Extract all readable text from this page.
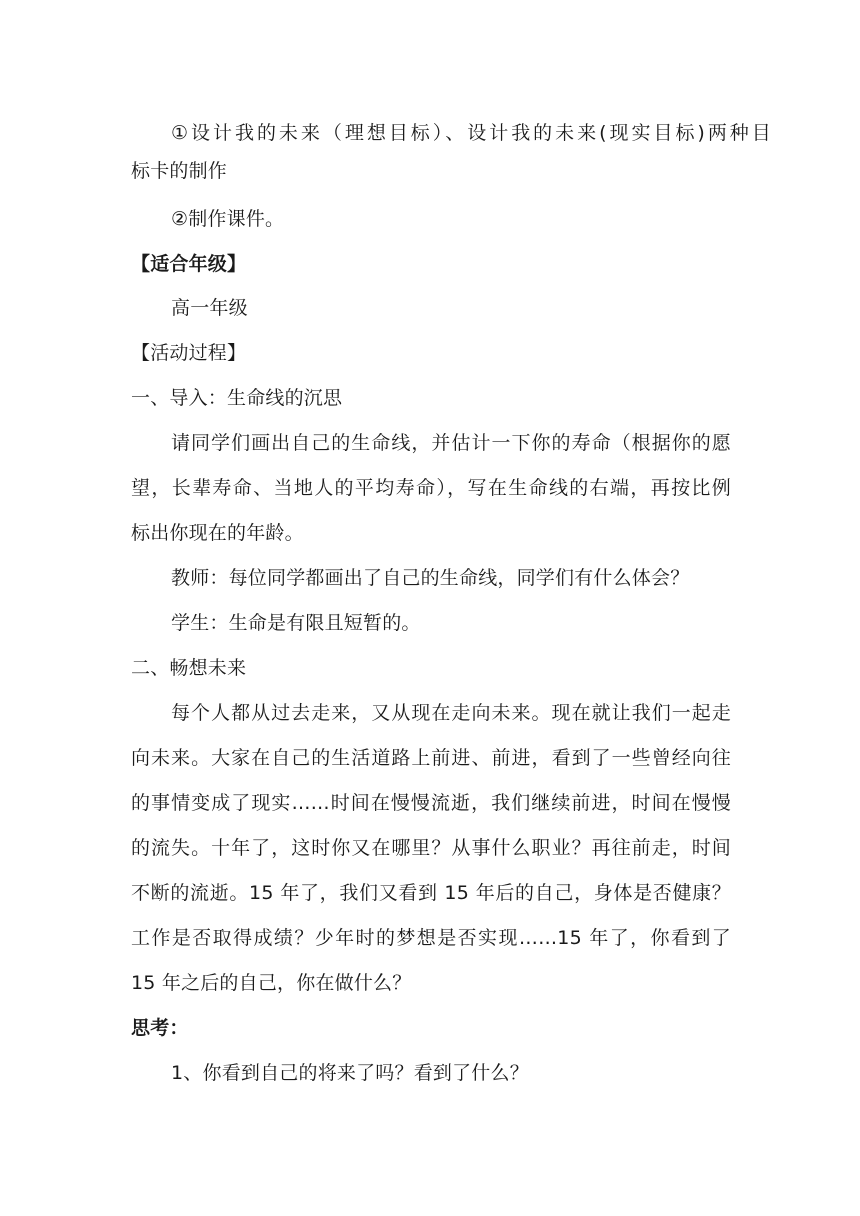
①设计我的未来（理想目标）、设计我的未来(现实目标)两种目
标卡的制作
②制作课件。
【适合年级】
高一年级
【活动过程】
一、导入：生命线的沉思
请同学们画出自己的生命线，并估计一下你的寿命（根据你的愿
望，长辈寿命、当地人的平均寿命），写在生命线的右端，再按比例
标出你现在的年龄。
教师：每位同学都画出了自己的生命线，同学们有什么体会？
学生：生命是有限且短暂的。
二、畅想未来
每个人都从过去走来，又从现在走向未来。现在就让我们一起走
向未来。大家在自己的生活道路上前进、前进，看到了一些曾经向往
的事情变成了现实……时间在慢慢流逝，我们继续前进，时间在慢慢
的流失。十年了，这时你又在哪里？从事什么职业？再往前走，时间
不断的流逝。15 年了，我们又看到 15 年后的自己，身体是否健康？
工作是否取得成绩？少年时的梦想是否实现……15 年了，你看到了
15 年之后的自己，你在做什么？
思考：
1、你看到自己的将来了吗？看到了什么？
